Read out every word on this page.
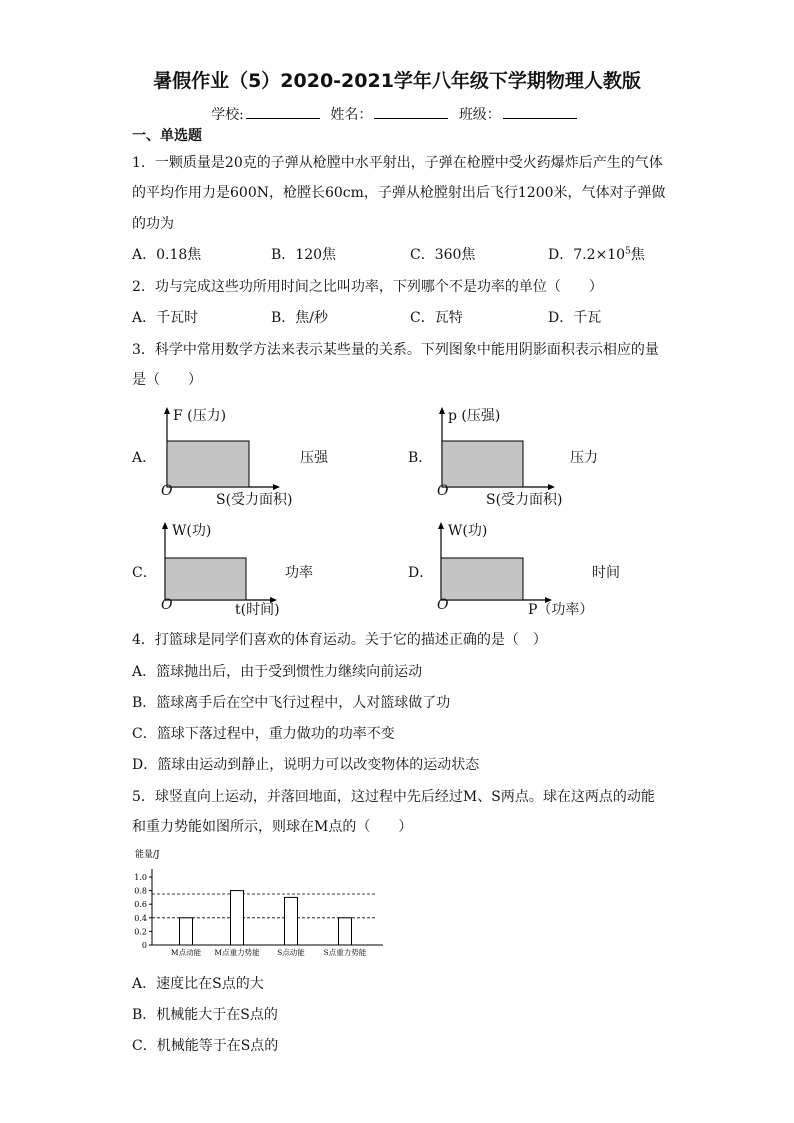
暑假作业（5）2020-2021学年八年级下学期物理人教版
学校:	姓名：	班级：
一、单选题
1．一颗质量是20克的子弹从枪膛中水平射出，子弹在枪膛中受火药爆炸后产生的气体
的平均作用力是600N，枪膛长60cm，子弹从枪膛射出后飞行1200米，气体对子弹做
的功为
A．0.18焦	B．120焦	C．360焦	D．$7.2\times 10^5$焦
2．功与完成这些功所用时间之比叫功率，下列哪个不是功率的单位（　　）
A．千瓦时	B．焦/秒	C．瓦特	D．千瓦
3．科学中常用数学方法来表示某些量的关系。下列图象中能用阴影面积表示相应的量
是（　　）
A．
F (压力)
O
S(受力面积)
压强	B．
p (压强)
O
S(受力面积)
压力
C．
W(功)
O	t(时间)
功率	D．
W(功)
O	P（功率）
时间
4．打篮球是同学们喜欢的体育运动。关于它的描述正确的是（　）
A．篮球抛出后，由于受到惯性力继续向前运动
B．篮球离手后在空中飞行过程中，人对篮球做了功
C．篮球下落过程中，重力做功的功率不变
D．篮球由运动到静止，说明力可以改变物体的运动状态
5．球竖直向上运动，并落回地面，这过程中先后经过M、S两点。球在这两点的动能
和重力势能如图所示，则球在M点的（　　）
能量/J
0
0.2
0.4
0.6
0.8
1.0
M点动能 M点重力势能 S点动能	S点重力势能
A．速度比在S点的大
B．机械能大于在S点的
C．机械能等于在S点的
